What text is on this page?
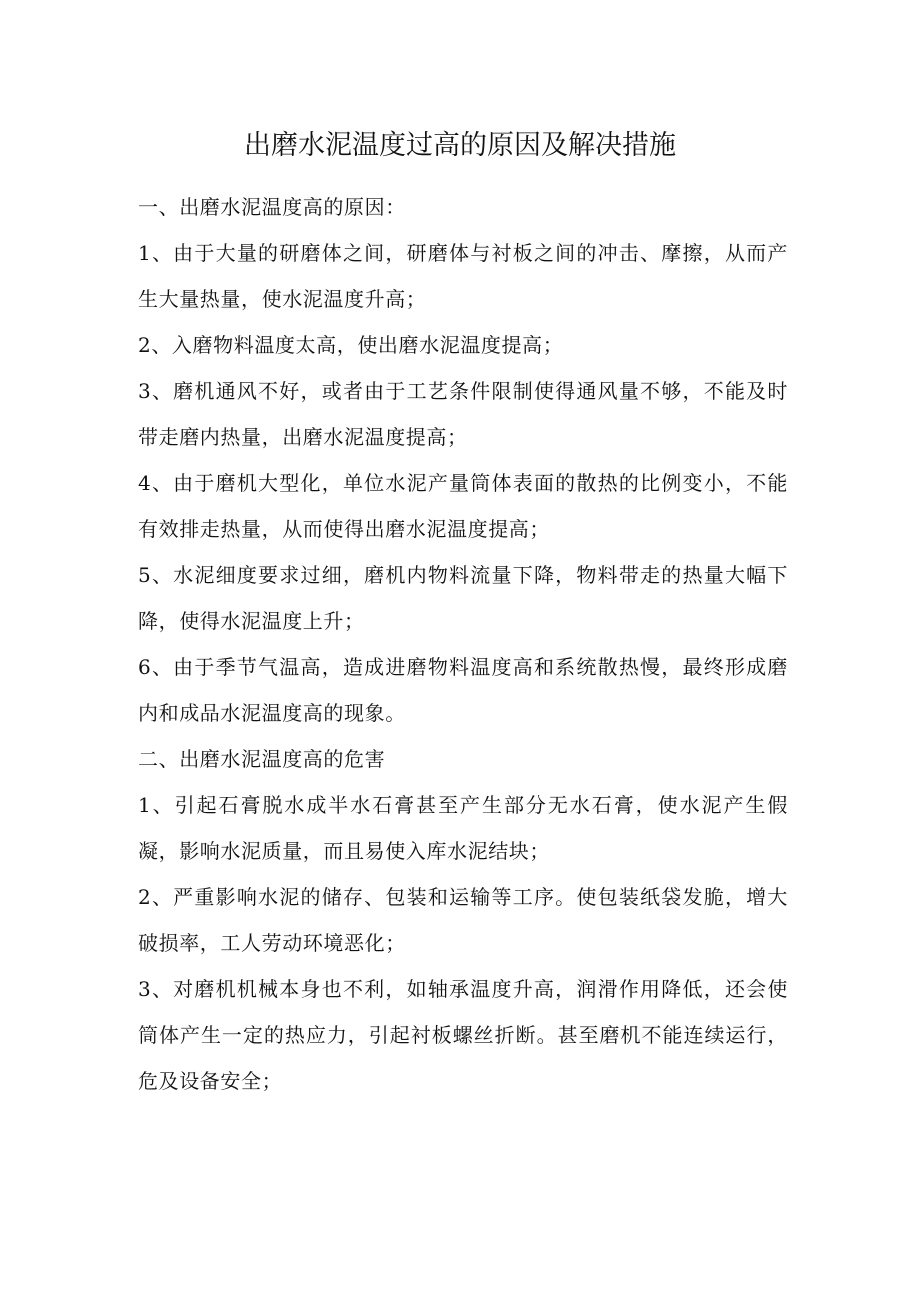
出磨水泥温度过高的原因及解决措施

一、出磨水泥温度高的原因：

1、由于大量的研磨体之间，研磨体与衬板之间的冲击、摩擦，从而产生大量热量，使水泥温度升高；

2、入磨物料温度太高，使出磨水泥温度提高；

3、磨机通风不好，或者由于工艺条件限制使得通风量不够，不能及时带走磨内热量，出磨水泥温度提高；

4、由于磨机大型化，单位水泥产量筒体表面的散热的比例变小，不能有效排走热量，从而使得出磨水泥温度提高；

5、水泥细度要求过细，磨机内物料流量下降，物料带走的热量大幅下降，使得水泥温度上升；

6、由于季节气温高，造成进磨物料温度高和系统散热慢，最终形成磨内和成品水泥温度高的现象。

二、出磨水泥温度高的危害

1、引起石膏脱水成半水石膏甚至产生部分无水石膏，使水泥产生假凝，影响水泥质量，而且易使入库水泥结块；

2、严重影响水泥的储存、包装和运输等工序。使包装纸袋发脆，增大破损率，工人劳动环境恶化；

3、对磨机机械本身也不利，如轴承温度升高，润滑作用降低，还会使筒体产生一定的热应力，引起衬板螺丝折断。甚至磨机不能连续运行，危及设备安全；
